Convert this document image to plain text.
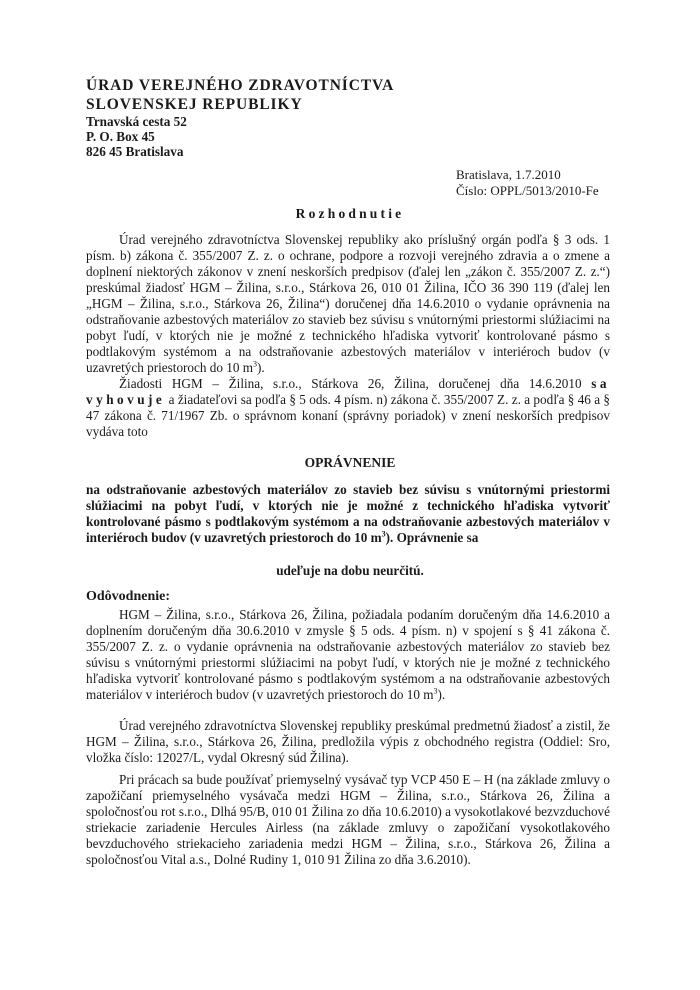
ÚRAD VEREJNÉHO ZDRAVOTNÍCTVA
SLOVENSKEJ REPUBLIKY
Trnavská cesta 52
P. O. Box 45
826 45 Bratislava
Bratislava, 1.7.2010
Číslo: OPPL/5013/2010-Fe
Rozhodnutie

Úrad verejného zdravotníctva Slovenskej republiky ako príslušný orgán podľa § 3 ods. 1 písm. b) zákona č. 355/2007 Z. z. o ochrane, podpore a rozvoji verejného zdravia a o zmene a doplnení niektorých zákonov v znení neskorších predpisov (ďalej len „zákon č. 355/2007 Z. z.“) preskúmal žiadosť HGM – Žilina, s.r.o., Stárkova 26, 010 01 Žilina, IČO 36 390 119 (ďalej len „HGM – Žilina, s.r.o., Stárkova 26, Žilina“) doručenej dňa 14.6.2010 o vydanie oprávnenia na odstraňovanie azbestových materiálov zo stavieb bez súvisu s vnútornými priestormi slúžiacimi na pobyt ľudí, v ktorých nie je možné z technického hľadiska vytvoriť kontrolované pásmo s podtlakovým systémom a na odstraňovanie azbestových materiálov v interiéroch budov (v uzavretých priestoroch do 10 $m^3$).

Žiadosti HGM – Žilina, s.r.o., Stárkova 26, Žilina, doručenej dňa 14.6.2010 sa vyhovuje a žiadateľovi sa podľa § 5 ods. 4 písm. n) zákona č. 355/2007 Z. z. a podľa § 46 a § 47 zákona č. 71/1967 Zb. o správnom konaní (správny poriadok) v znení neskorších predpisov vydáva toto

OPRÁVNENIE

na odstraňovanie azbestových materiálov zo stavieb bez súvisu s vnútornými priestormi slúžiacimi na pobyt ľudí, v ktorých nie je možné z technického hľadiska vytvoriť kontrolované pásmo s podtlakovým systémom a na odstraňovanie azbestových materiálov v interiéroch budov (v uzavretých priestoroch do 10 $m^3$). Oprávnenie sa

udeľuje na dobu neurčitú.
Odôvodnenie:

HGM – Žilina, s.r.o., Stárkova 26, Žilina, požiadala podaním doručeným dňa 14.6.2010 a doplnením doručeným dňa 30.6.2010 v zmysle § 5 ods. 4 písm. n) v spojení s § 41 zákona č. 355/2007 Z. z. o vydanie oprávnenia na odstraňovanie azbestových materiálov zo stavieb bez súvisu s vnútornými priestormi slúžiacimi na pobyt ľudí, v ktorých nie je možné z technického hľadiska vytvoriť kontrolované pásmo s podtlakovým systémom a na odstraňovanie azbestových materiálov v interiéroch budov (v uzavretých priestoroch do 10 $m^3$).

Úrad verejného zdravotníctva Slovenskej republiky preskúmal predmetnú žiadosť a zistil, že HGM – Žilina, s.r.o., Stárkova 26, Žilina, predložila výpis z obchodného registra (Oddiel: Sro, vložka číslo: 12027/L, vydal Okresný súd Žilina).

Pri prácach sa bude používať priemyselný vysávač typ VCP 450 E – H (na základe zmluvy o zapožičaní priemyselného vysávača medzi HGM – Žilina, s.r.o., Stárkova 26, Žilina a spoločnosťou rot s.r.o., Dlhá 95/B, 010 01 Žilina zo dňa 10.6.2010) a vysokotlakové bezvzduchové striekacie zariadenie Hercules Airless (na základe zmluvy o zapožičaní vysokotlakového bevzduchového striekacieho zariadenia medzi HGM – Žilina, s.r.o., Stárkova 26, Žilina a spoločnosťou Vital a.s., Dolné Rudiny 1, 010 91 Žilina zo dňa 3.6.2010).
